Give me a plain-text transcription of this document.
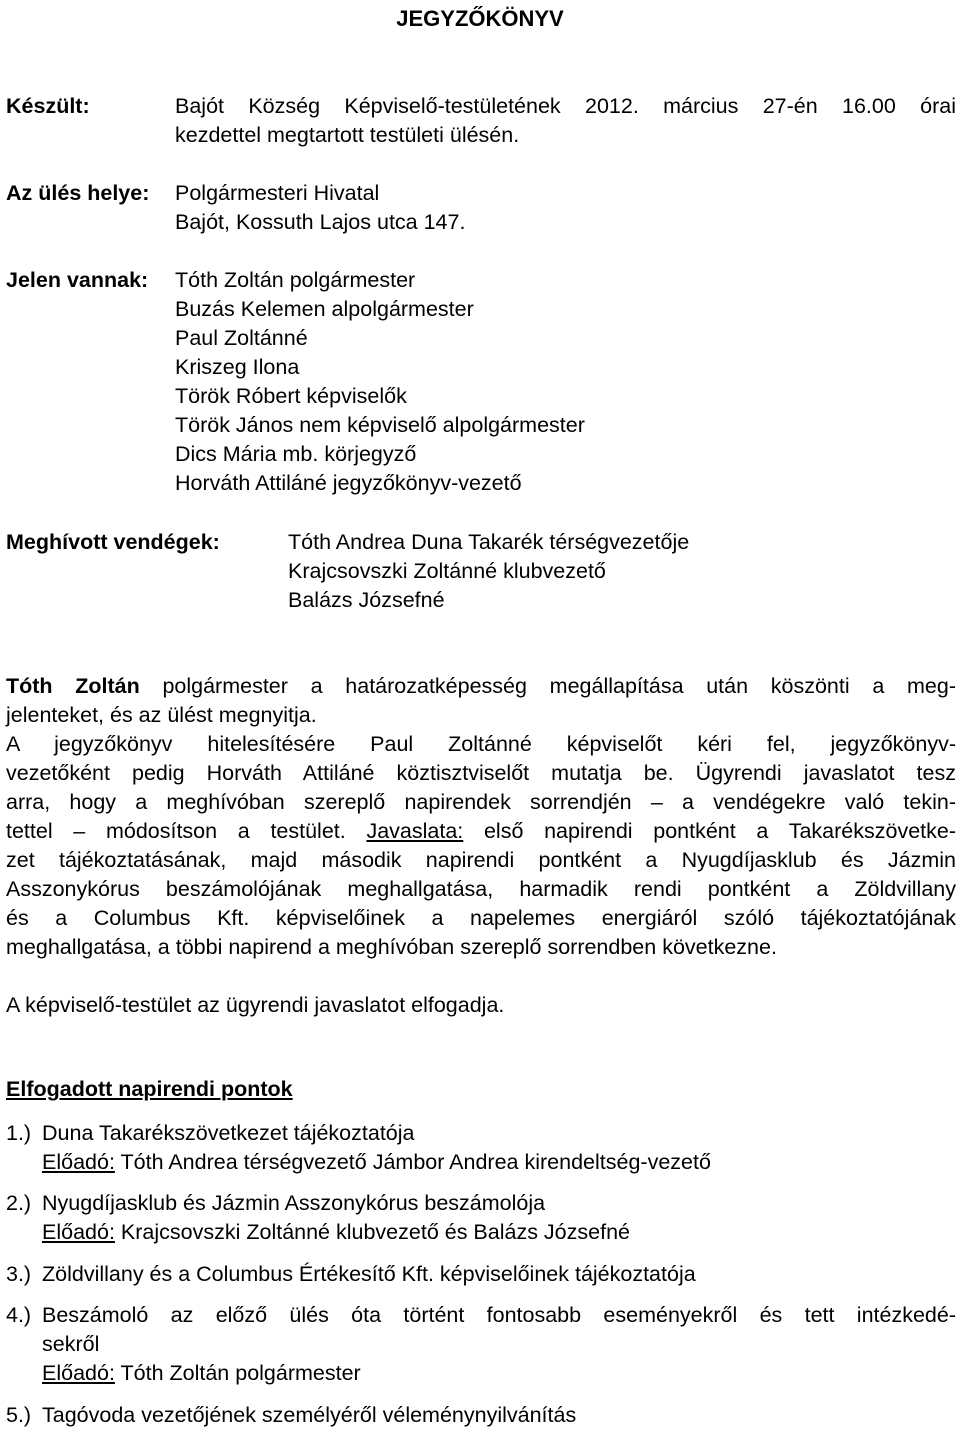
JEGYZŐKÖNYV
Készült:	Bajót Község Képviselő-testületének 2012. március 27-én 16.00 órai
kezdettel megtartott testületi ülésén.
Az ülés helye: Polgármesteri Hivatal
Bajót, Kossuth Lajos utca 147.
Jelen vannak: Tóth Zoltán polgármester
Buzás Kelemen alpolgármester
Paul Zoltánné
Kriszeg Ilona
Török Róbert képviselők
Török János nem képviselő alpolgármester
Dics Mária mb. körjegyző
Horváth Attiláné jegyzőkönyv-vezető
Meghívott vendégek:	Tóth Andrea Duna Takarék térségvezetője
Krajcsovszki Zoltánné klubvezető
Balázs Józsefné
Tóth Zoltán polgármester a határozatképesség megállapítása után köszönti a meg-
jelenteket, és az ülést megnyitja.
A jegyzőkönyv hitelesítésére Paul Zoltánné képviselőt kéri fel, jegyzőkönyv-
vezetőként pedig Horváth Attiláné köztisztviselőt mutatja be. Ügyrendi javaslatot tesz
arra, hogy a meghívóban szereplő napirendek sorrendjén – a vendégekre való tekin-
tettel – módosítson a testület. Javaslata: első napirendi pontként a Takarékszövetke-
zet tájékoztatásának, majd második napirendi pontként a Nyugdíjasklub és Jázmin
Asszonykórus beszámolójának meghallgatása, harmadik rendi pontként a Zöldvillany
és a Columbus Kft. képviselőinek a napelemes energiáról szóló tájékoztatójának
meghallgatása, a többi napirend a meghívóban szereplő sorrendben következne.
A képviselő-testület az ügyrendi javaslatot elfogadja.
Elfogadott napirendi pontok
1.) Duna Takarékszövetkezet tájékoztatója
Előadó: Tóth Andrea térségvezető Jámbor Andrea kirendeltség-vezető
2.) Nyugdíjasklub és Jázmin Asszonykórus beszámolója
Előadó: Krajcsovszki Zoltánné klubvezető és Balázs Józsefné
3.) Zöldvillany és a Columbus Értékesítő Kft. képviselőinek tájékoztatója
4.) Beszámoló az előző ülés óta történt fontosabb eseményekről és tett intézkedé-
sekről
Előadó: Tóth Zoltán polgármester
5.) Tagóvoda vezetőjének személyéről véleménynyilvánítás
